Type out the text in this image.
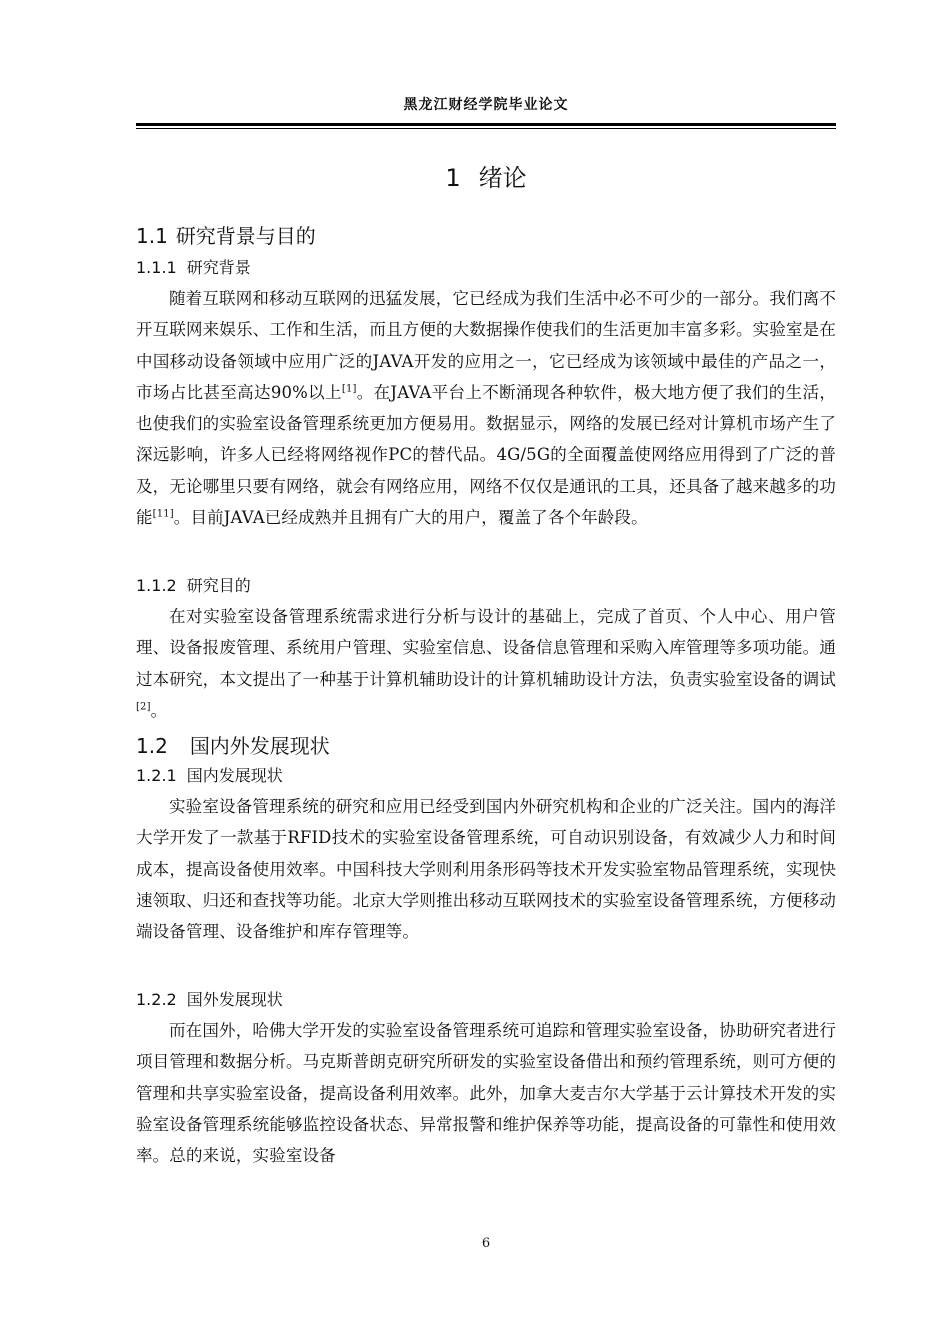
黑龙江财经学院毕业论文
1 绪论
1.1 研究背景与目的
1.1.1 研究背景

随着互联网和移动互联网的迅猛发展，它已经成为我们生活中必不可少的一部分。我们离不开互联网来娱乐、工作和生活，而且方便的大数据操作使我们的生活更加丰富多彩。实验室是在中国移动设备领域中应用广泛的JAVA开发的应用之一，它已经成为该领域中最佳的产品之一，市场占比甚至高达90%以上[1]。在JAVA平台上不断涌现各种软件，极大地方便了我们的生活，也使我们的实验室设备管理系统更加方便易用。数据显示，网络的发展已经对计算机市场产生了深远影响，许多人已经将网络视作PC的替代品。4G/5G的全面覆盖使网络应用得到了广泛的普及，无论哪里只要有网络，就会有网络应用，网络不仅仅是通讯的工具，还具备了越来越多的功能[11]。目前JAVA已经成熟并且拥有广大的用户，覆盖了各个年龄段。

1.1.2 研究目的

在对实验室设备管理系统需求进行分析与设计的基础上，完成了首页、个人中心、用户管理、设备报废管理、系统用户管理、实验室信息、设备信息管理和采购入库管理等多项功能。通过本研究，本文提出了一种基于计算机辅助设计的计算机辅助设计方法，负责实验室设备的调试[2]。

1.2 国内外发展现状
1.2.1 国内发展现状

实验室设备管理系统的研究和应用已经受到国内外研究机构和企业的广泛关注。国内的海洋大学开发了一款基于RFID技术的实验室设备管理系统，可自动识别设备，有效减少人力和时间成本，提高设备使用效率。中国科技大学则利用条形码等技术开发实验室物品管理系统，实现快速领取、归还和查找等功能。北京大学则推出移动互联网技术的实验室设备管理系统，方便移动端设备管理、设备维护和库存管理等。

1.2.2 国外发展现状

而在国外，哈佛大学开发的实验室设备管理系统可追踪和管理实验室设备，协助研究者进行项目管理和数据分析。马克斯普朗克研究所研发的实验室设备借出和预约管理系统，则可方便的管理和共享实验室设备，提高设备利用效率。此外，加拿大麦吉尔大学基于云计算技术开发的实验室设备管理系统能够监控设备状态、异常报警和维护保养等功能，提高设备的可靠性和使用效率。总的来说，实验室设备

6
